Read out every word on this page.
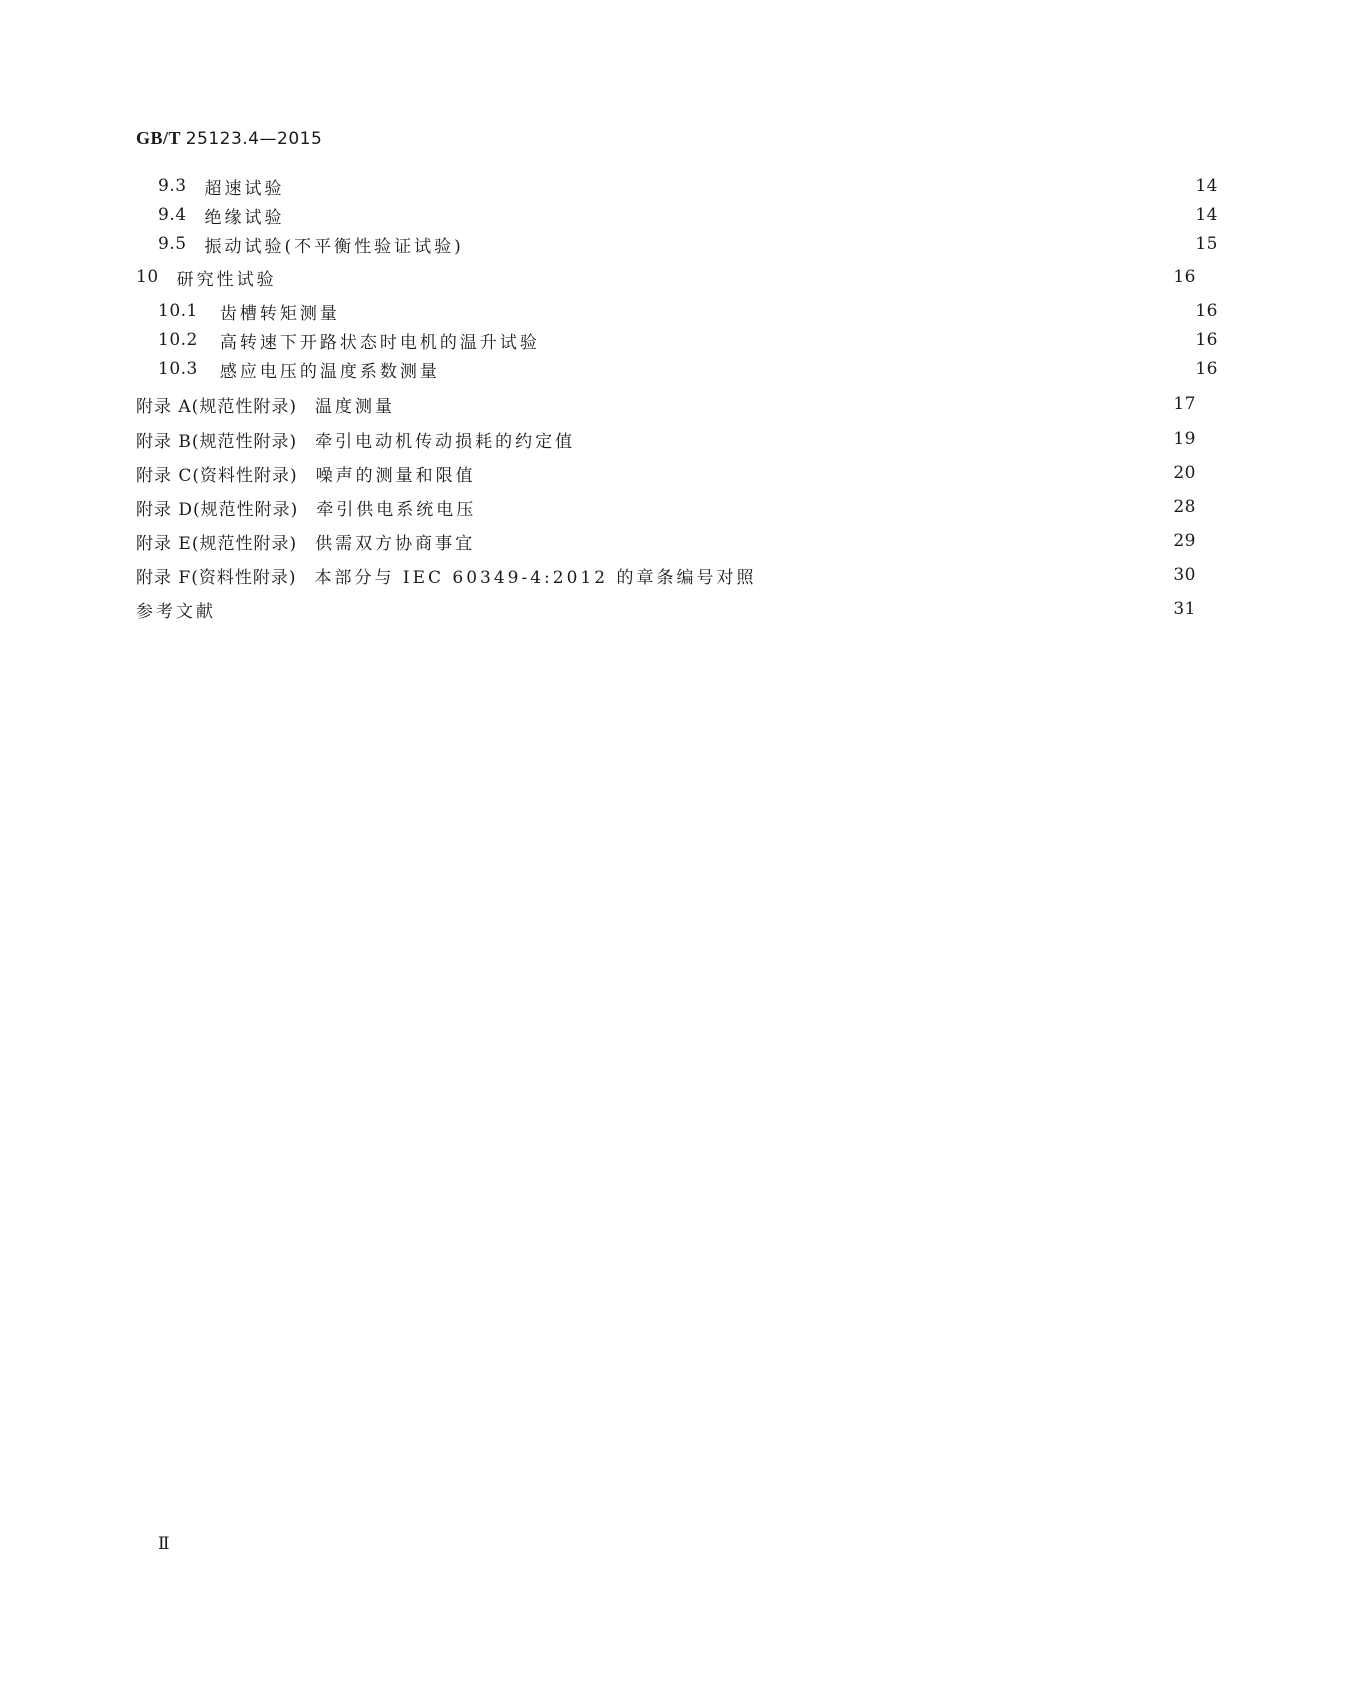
GB/T 25123.4—2015
9.3 超速试验	14
9.4 绝缘试验	14
9.5 振动试验(不平衡性验证试验)	15
10 研究性试验	16
10.1 齿槽转矩测量	16
10.2 高转速下开路状态时电机的温升试验	16
10.3 感应电压的温度系数测量	16
附录 A(规范性附录) 温度测量	17
附录 B(规范性附录) 牵引电动机传动损耗的约定值	19
附录 C(资料性附录) 噪声的测量和限值	20
附录 D(规范性附录) 牵引供电系统电压	28
附录 E(规范性附录) 供需双方协商事宜	29
附录 F(资料性附录) 本部分与 IEC 60349-4:2012 的章条编号对照	30
参考文献	31
Ⅱ
